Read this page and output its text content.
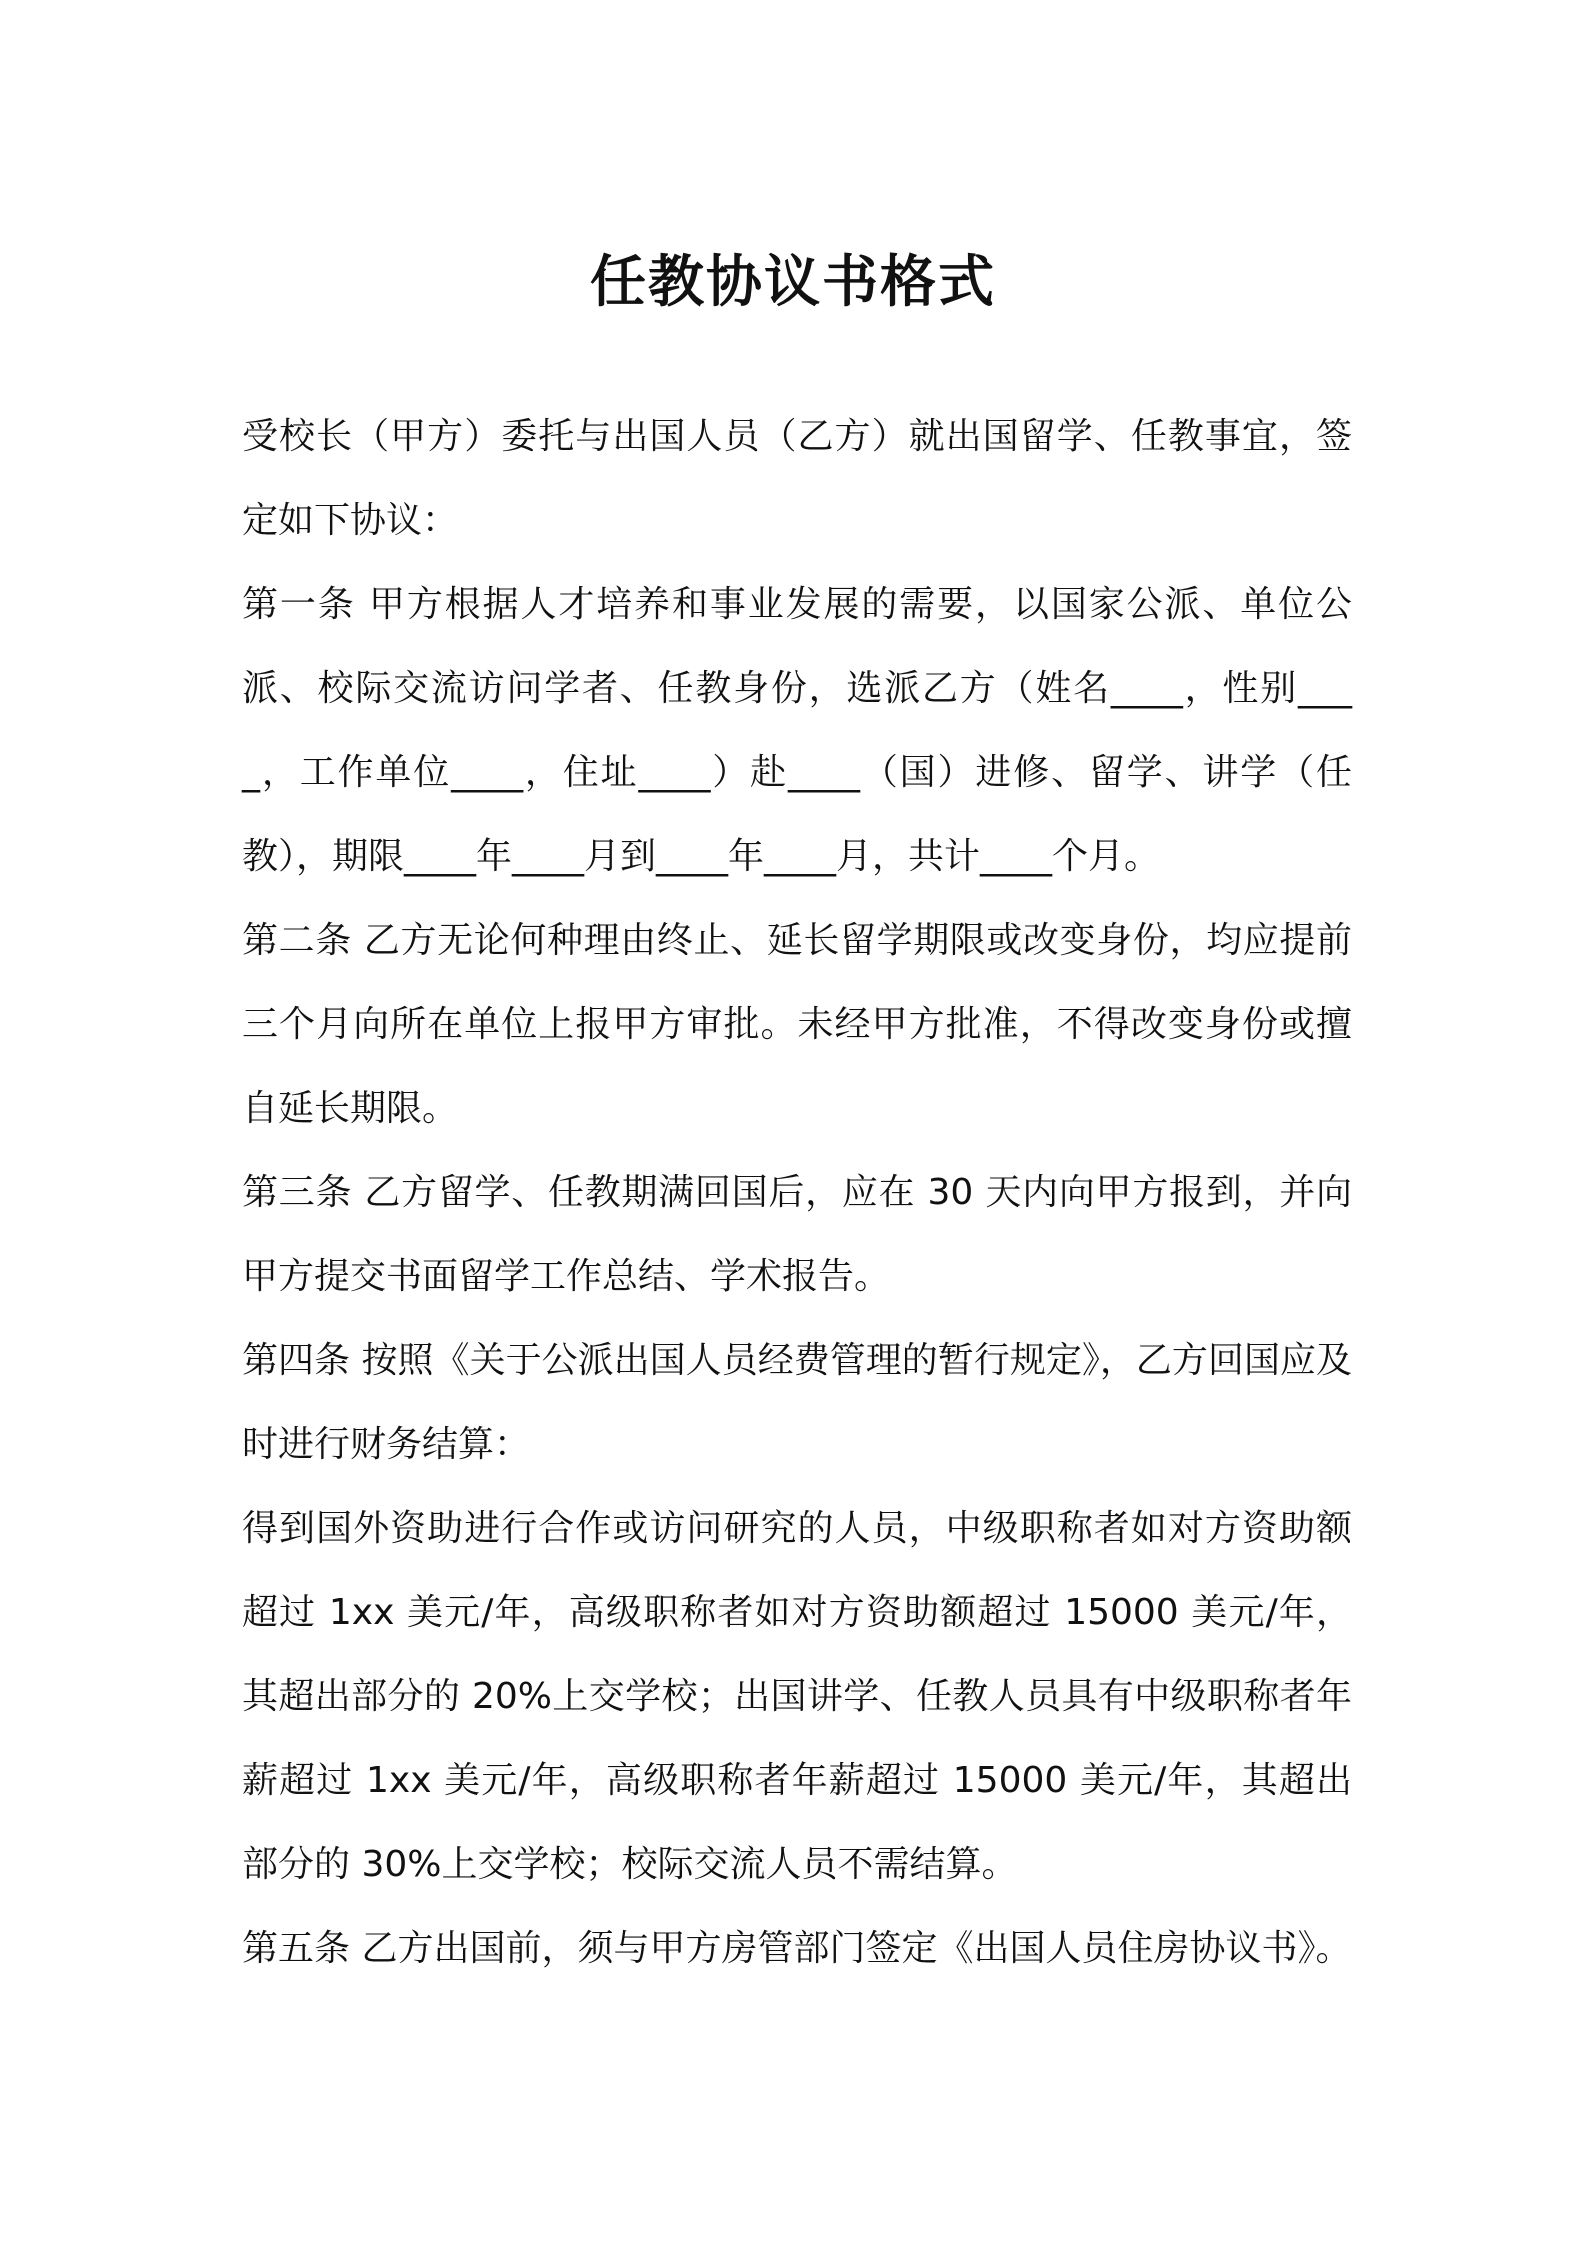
任教协议书格式

受校长（甲方）委托与出国人员（乙方）就出国留学、任教事宜，签定如下协议：

第一条 甲方根据人才培养和事业发展的需要，以国家公派、单位公派、校际交流访问学者、任教身份，选派乙方（姓名____，性别____，工作单位____，住址____）赴____（国）进修、留学、讲学（任教），期限____年____月到____年____月，共计____个月。

第二条 乙方无论何种理由终止、延长留学期限或改变身份，均应提前三个月向所在单位上报甲方审批。未经甲方批准，不得改变身份或擅自延长期限。

第三条 乙方留学、任教期满回国后，应在 30 天内向甲方报到，并向甲方提交书面留学工作总结、学术报告。

第四条 按照《关于公派出国人员经费管理的暂行规定》，乙方回国应及时进行财务结算：

得到国外资助进行合作或访问研究的人员，中级职称者如对方资助额超过 1xx 美元/年，高级职称者如对方资助额超过 15000 美元/年，其超出部分的 20%上交学校；出国讲学、任教人员具有中级职称者年薪超过 1xx 美元/年，高级职称者年薪超过 15000 美元/年，其超出部分的 30%上交学校；校际交流人员不需结算。

第五条 乙方出国前，须与甲方房管部门签定《出国人员住房协议书》。
